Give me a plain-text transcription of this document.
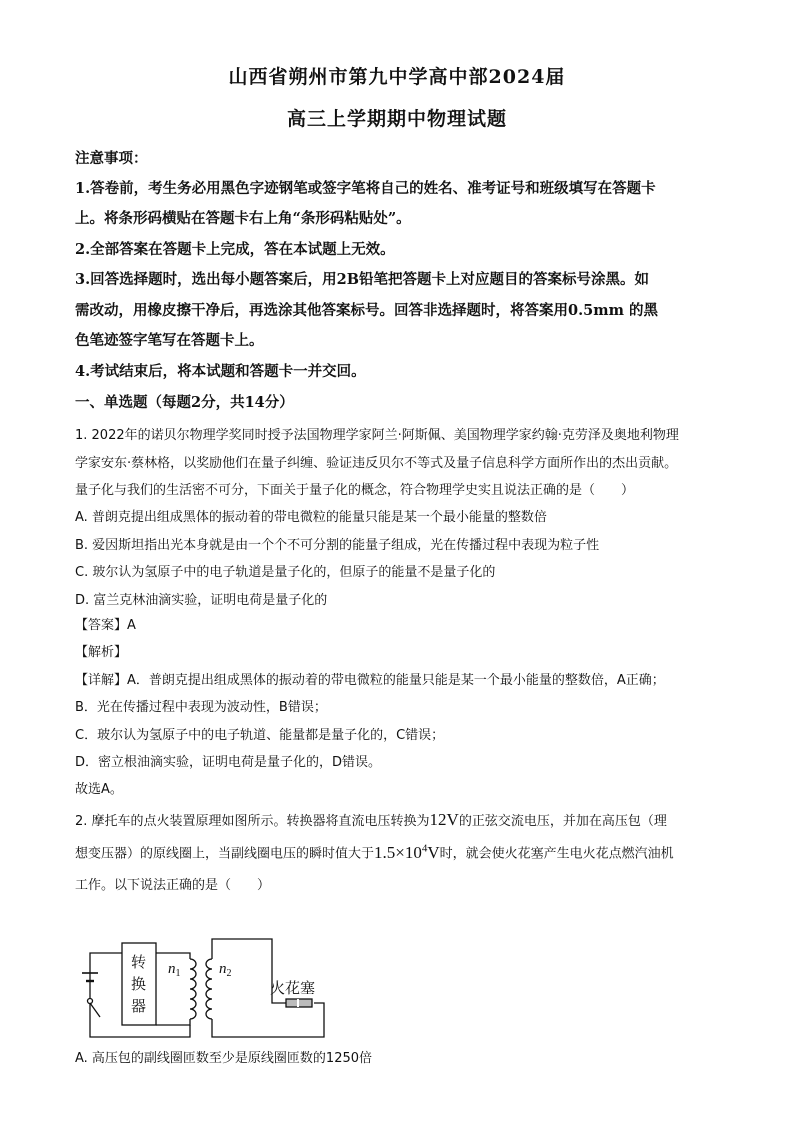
山西省朔州市第九中学高中部2024届
高三上学期期中物理试题
注意事项：
1.答卷前，考生务必用黑色字迹钢笔或签字笔将自己的姓名、准考证号和班级填写在答题卡
上。将条形码横贴在答题卡右上角“条形码粘贴处”。
2.全部答案在答题卡上完成，答在本试题上无效。
3.回答选择题时，选出每小题答案后，用2B铅笔把答题卡上对应题目的答案标号涂黑。如
需改动，用橡皮擦干净后，再选涂其他答案标号。回答非选择题时，将答案用0.5mm 的黑
色笔迹签字笔写在答题卡上。
4.考试结束后，将本试题和答题卡一并交回。
一、单选题（每题2分，共14分）
1. 2022年的诺贝尔物理学奖同时授予法国物理学家阿兰·阿斯佩、美国物理学家约翰·克劳泽及奥地利物理
学家安东·蔡林格，以奖励他们在量子纠缠、验证违反贝尔不等式及量子信息科学方面所作出的杰出贡献。
量子化与我们的生活密不可分，下面关于量子化的概念，符合物理学史实且说法正确的是（　　）
A. 普朗克提出组成黑体的振动着的带电微粒的能量只能是某一个最小能量的整数倍
B. 爱因斯坦指出光本身就是由一个个不可分割的能量子组成，光在传播过程中表现为粒子性
C. 玻尔认为氢原子中的电子轨道是量子化的，但原子的能量不是量子化的
D. 富兰克林油滴实验，证明电荷是量子化的
【答案】A
【解析】
【详解】A．普朗克提出组成黑体的振动着的带电微粒的能量只能是某一个最小能量的整数倍，A正确；
B．光在传播过程中表现为波动性，B错误；
C．玻尔认为氢原子中的电子轨道、能量都是量子化的，C错误；
D．密立根油滴实验，证明电荷是量子化的，D错误。
故选A。
2. 摩托车的点火装置原理如图所示。转换器将直流电压转换为12V的正弦交流电压，并加在高压包（理
想变压器）的原线圈上，当副线圈电压的瞬时值大于$1.5\times 10^4V$时，就会使火花塞产生电火花点燃汽油机
工作。以下说法正确的是（　　）
转
换
器
火花塞
$n_1$	$n_2$
A. 高压包的副线圈匝数至少是原线圈匝数的1250倍
